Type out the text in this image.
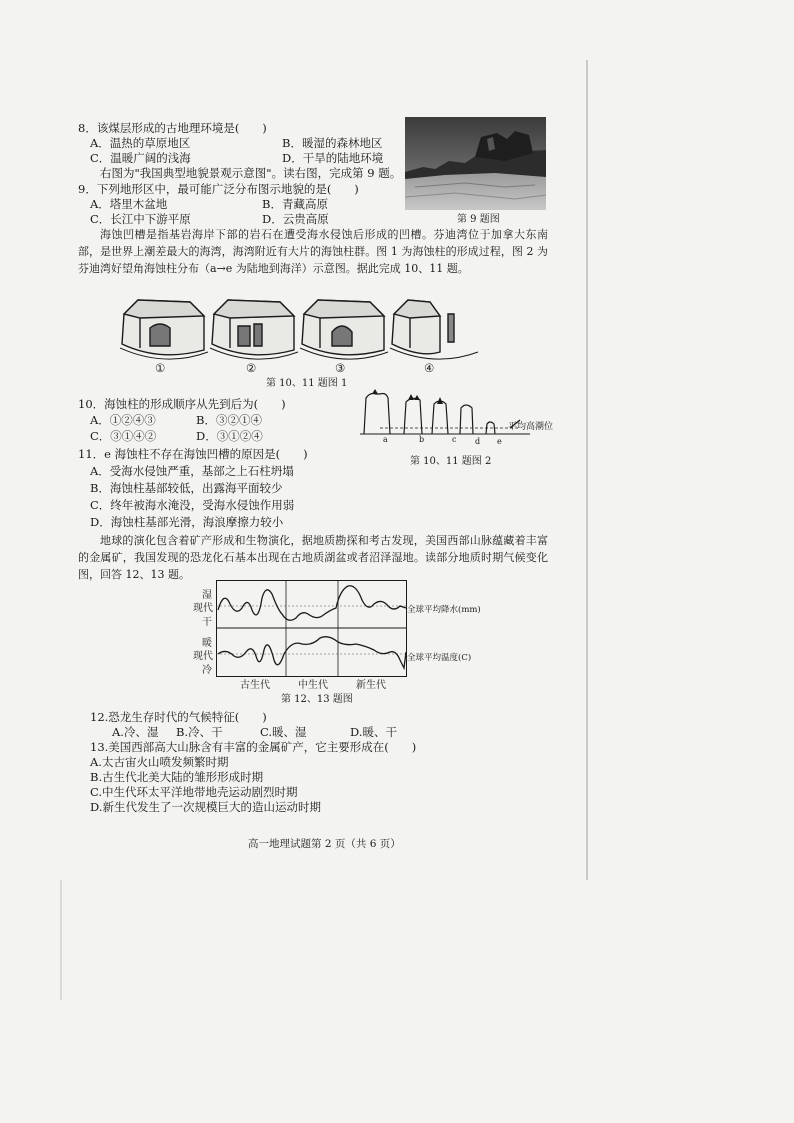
8．该煤层形成的古地理环境是(　　)
A．温热的草原地区	B．暖湿的森林地区
C．温暖广阔的浅海	D．干旱的陆地环境
右图为"我国典型地貌景观示意图"。读右图，完成第 9 题。
第 9 题图
9．下列地形区中，最可能广泛分布图示地貌的是(　　)
A．塔里木盆地	B．青藏高原
C．长江中下游平原	D．云贵高原
海蚀凹槽是指基岩海岸下部的岩石在遭受海水侵蚀后形成的凹槽。芬迪湾位于加拿大东南部，是世界上潮差最大的海湾，海湾附近有大片的海蚀柱群。图 1 为海蚀柱的形成过程，图 2 为芬迪湾好望角海蚀柱分布（a→e 为陆地到海洋）示意图。据此完成 10、11 题。
①	②	③	④
第 10、11 题图 1
a	b	c d e
平均高潮位
第 10、11 题图 2
10．海蚀柱的形成顺序从先到后为(　　)
A．①②④③	B．③②①④
C．③①④②	D．③①②④
11．e 海蚀柱不存在海蚀凹槽的原因是(　　)
A．受海水侵蚀严重，基部之上石柱坍塌
B．海蚀柱基部较低，出露海平面较少
C．终年被海水淹没，受海水侵蚀作用弱
D．海蚀柱基部光滑，海浪摩擦力较小
地球的演化包含着矿产形成和生物演化，据地质勘探和考古发现，美国西部山脉蕴藏着丰富的金属矿，我国发现的恐龙化石基本出现在古地质湖盆或者沼泽湿地。读部分地质时期气候变化图，回答 12、13 题。
湿
现代
干
暖
现代
冷
全球平均降水(mm)
全球平均温度(C)
古生代	中生代	新生代
第 12、13 题图
12.恐龙生存时代的气候特征(　　)
A.冷、湿 B.冷、干	C.暖、湿	D.暖、干
13.美国西部高大山脉含有丰富的金属矿产，它主要形成在(　　)
A.太古宙火山喷发频繁时期
B.古生代北美大陆的雏形形成时期
C.中生代环太平洋地带地壳运动剧烈时期
D.新生代发生了一次规模巨大的造山运动时期
高一地理试题第 2 页（共 6 页）
